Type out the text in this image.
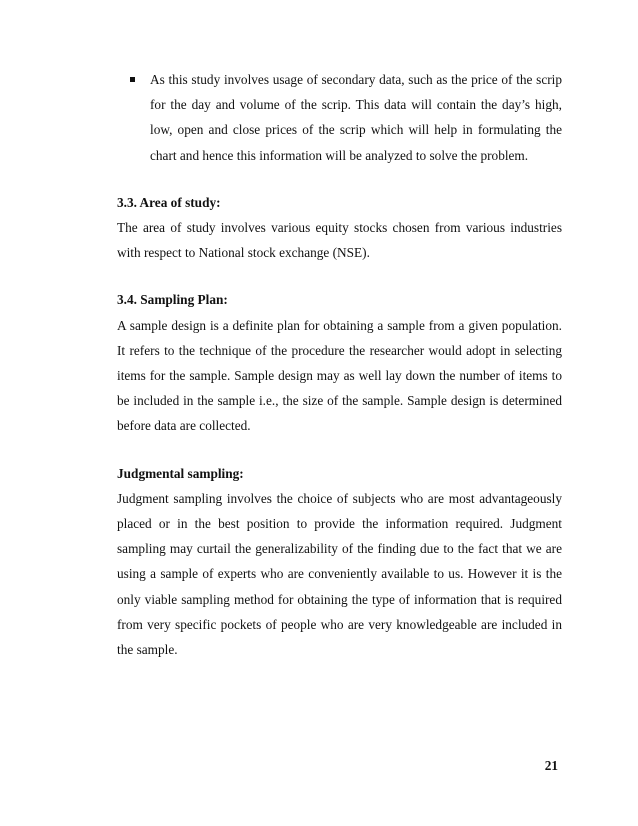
As this study involves usage of secondary data, such as the price of the scrip for the day and volume of the scrip. This data will contain the day’s high, low, open and close prices of the scrip which will help in formulating the chart and hence this information will be analyzed to solve the problem.

3.3. Area of study:

The area of study involves various equity stocks chosen from various industries with respect to National stock exchange (NSE).

3.4. Sampling Plan:

A sample design is a definite plan for obtaining a sample from a given population. It refers to the technique of the procedure the researcher would adopt in selecting items for the sample. Sample design may as well lay down the number of items to be included in the sample i.e., the size of the sample. Sample design is determined before data are collected.

Judgmental sampling:

Judgment sampling involves the choice of subjects who are most advantageously placed or in the best position to provide the information required. Judgment sampling may curtail the generalizability of the finding due to the fact that we are using a sample of experts who are conveniently available to us. However it is the only viable sampling method for obtaining the type of information that is required from very specific pockets of people who are very knowledgeable are included in the sample.

21
